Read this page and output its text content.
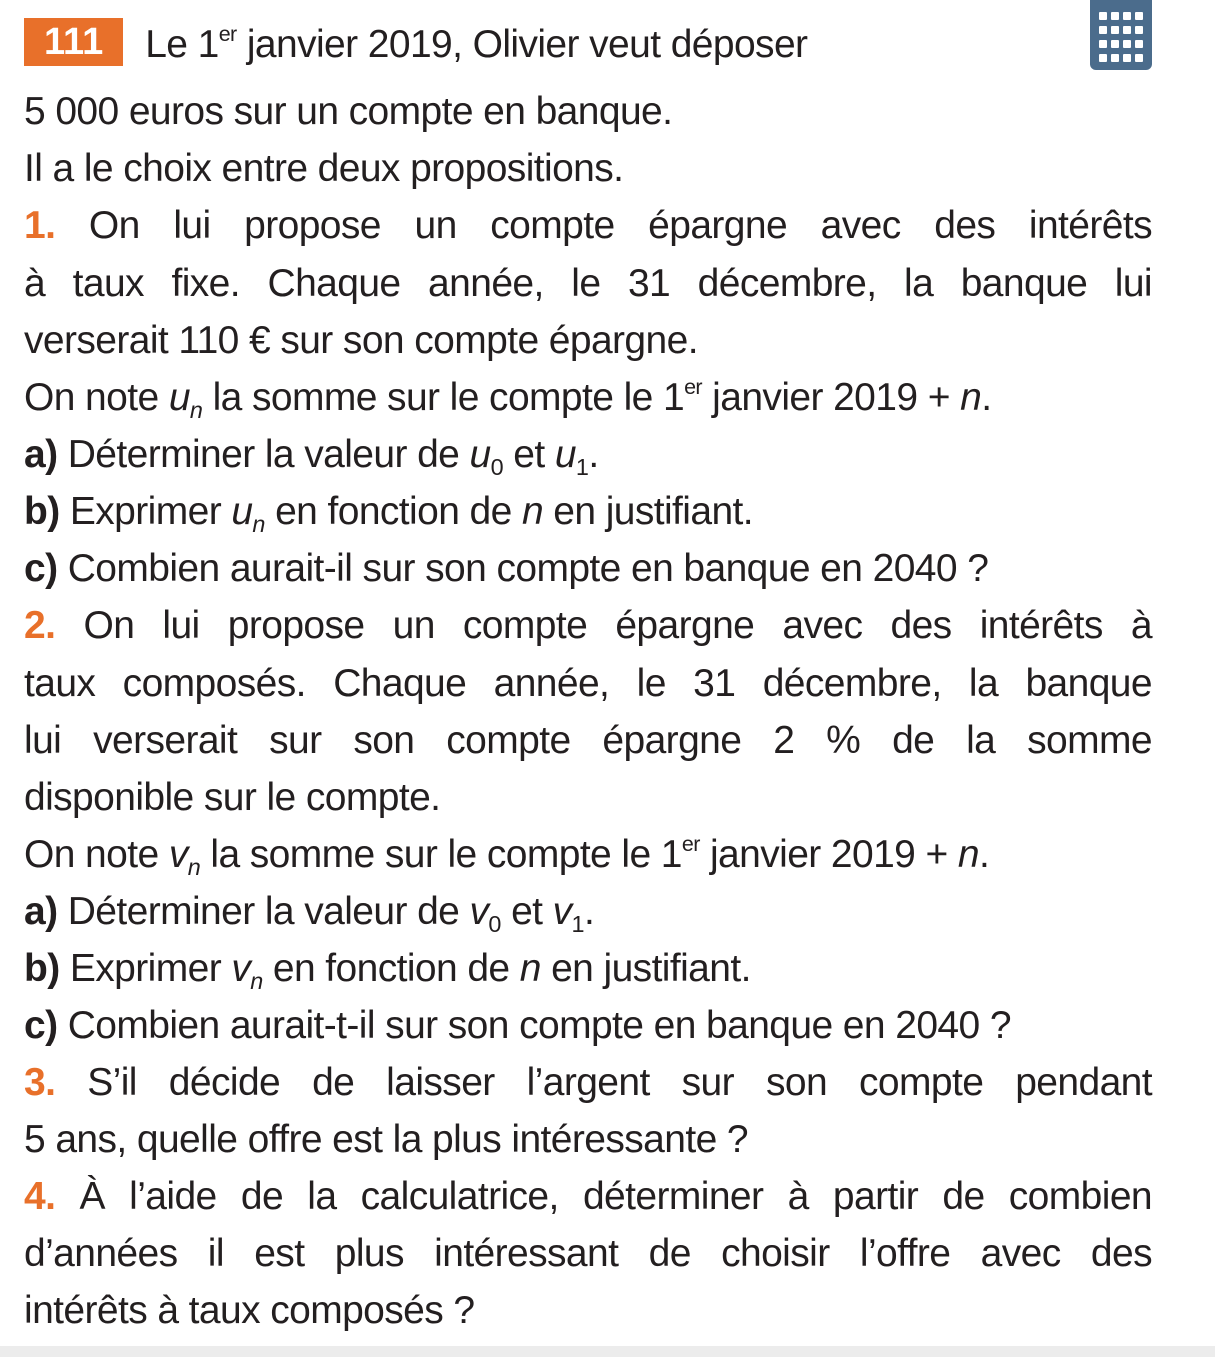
111 Le 1er janvier 2019, Olivier veut déposer
5 000 euros sur un compte en banque.
Il a le choix entre deux propositions.
1. On lui propose un compte épargne avec des intérêts
à taux fixe. Chaque année, le 31 décembre, la banque lui
verserait 110 € sur son compte épargne.
On note $u_n$ la somme sur le compte le 1er janvier 2019 + n.
a) Déterminer la valeur de $u_0$ et $u_1$.
b) Exprimer $u_n$ en fonction de n en justifiant.
c) Combien aurait-il sur son compte en banque en 2040 ?
2. On lui propose un compte épargne avec des intérêts à
taux composés. Chaque année, le 31 décembre, la banque
lui verserait sur son compte épargne 2 % de la somme
disponible sur le compte.
On note $v_n$ la somme sur le compte le 1er janvier 2019 + n.
a) Déterminer la valeur de $v_0$ et $v_1$.
b) Exprimer $v_n$ en fonction de n en justifiant.
c) Combien aurait-t-il sur son compte en banque en 2040 ?
3. S’il décide de laisser l’argent sur son compte pendant
5 ans, quelle offre est la plus intéressante ?
4. À l’aide de la calculatrice, déterminer à partir de combien
d’années il est plus intéressant de choisir l’offre avec des
intérêts à taux composés ?
